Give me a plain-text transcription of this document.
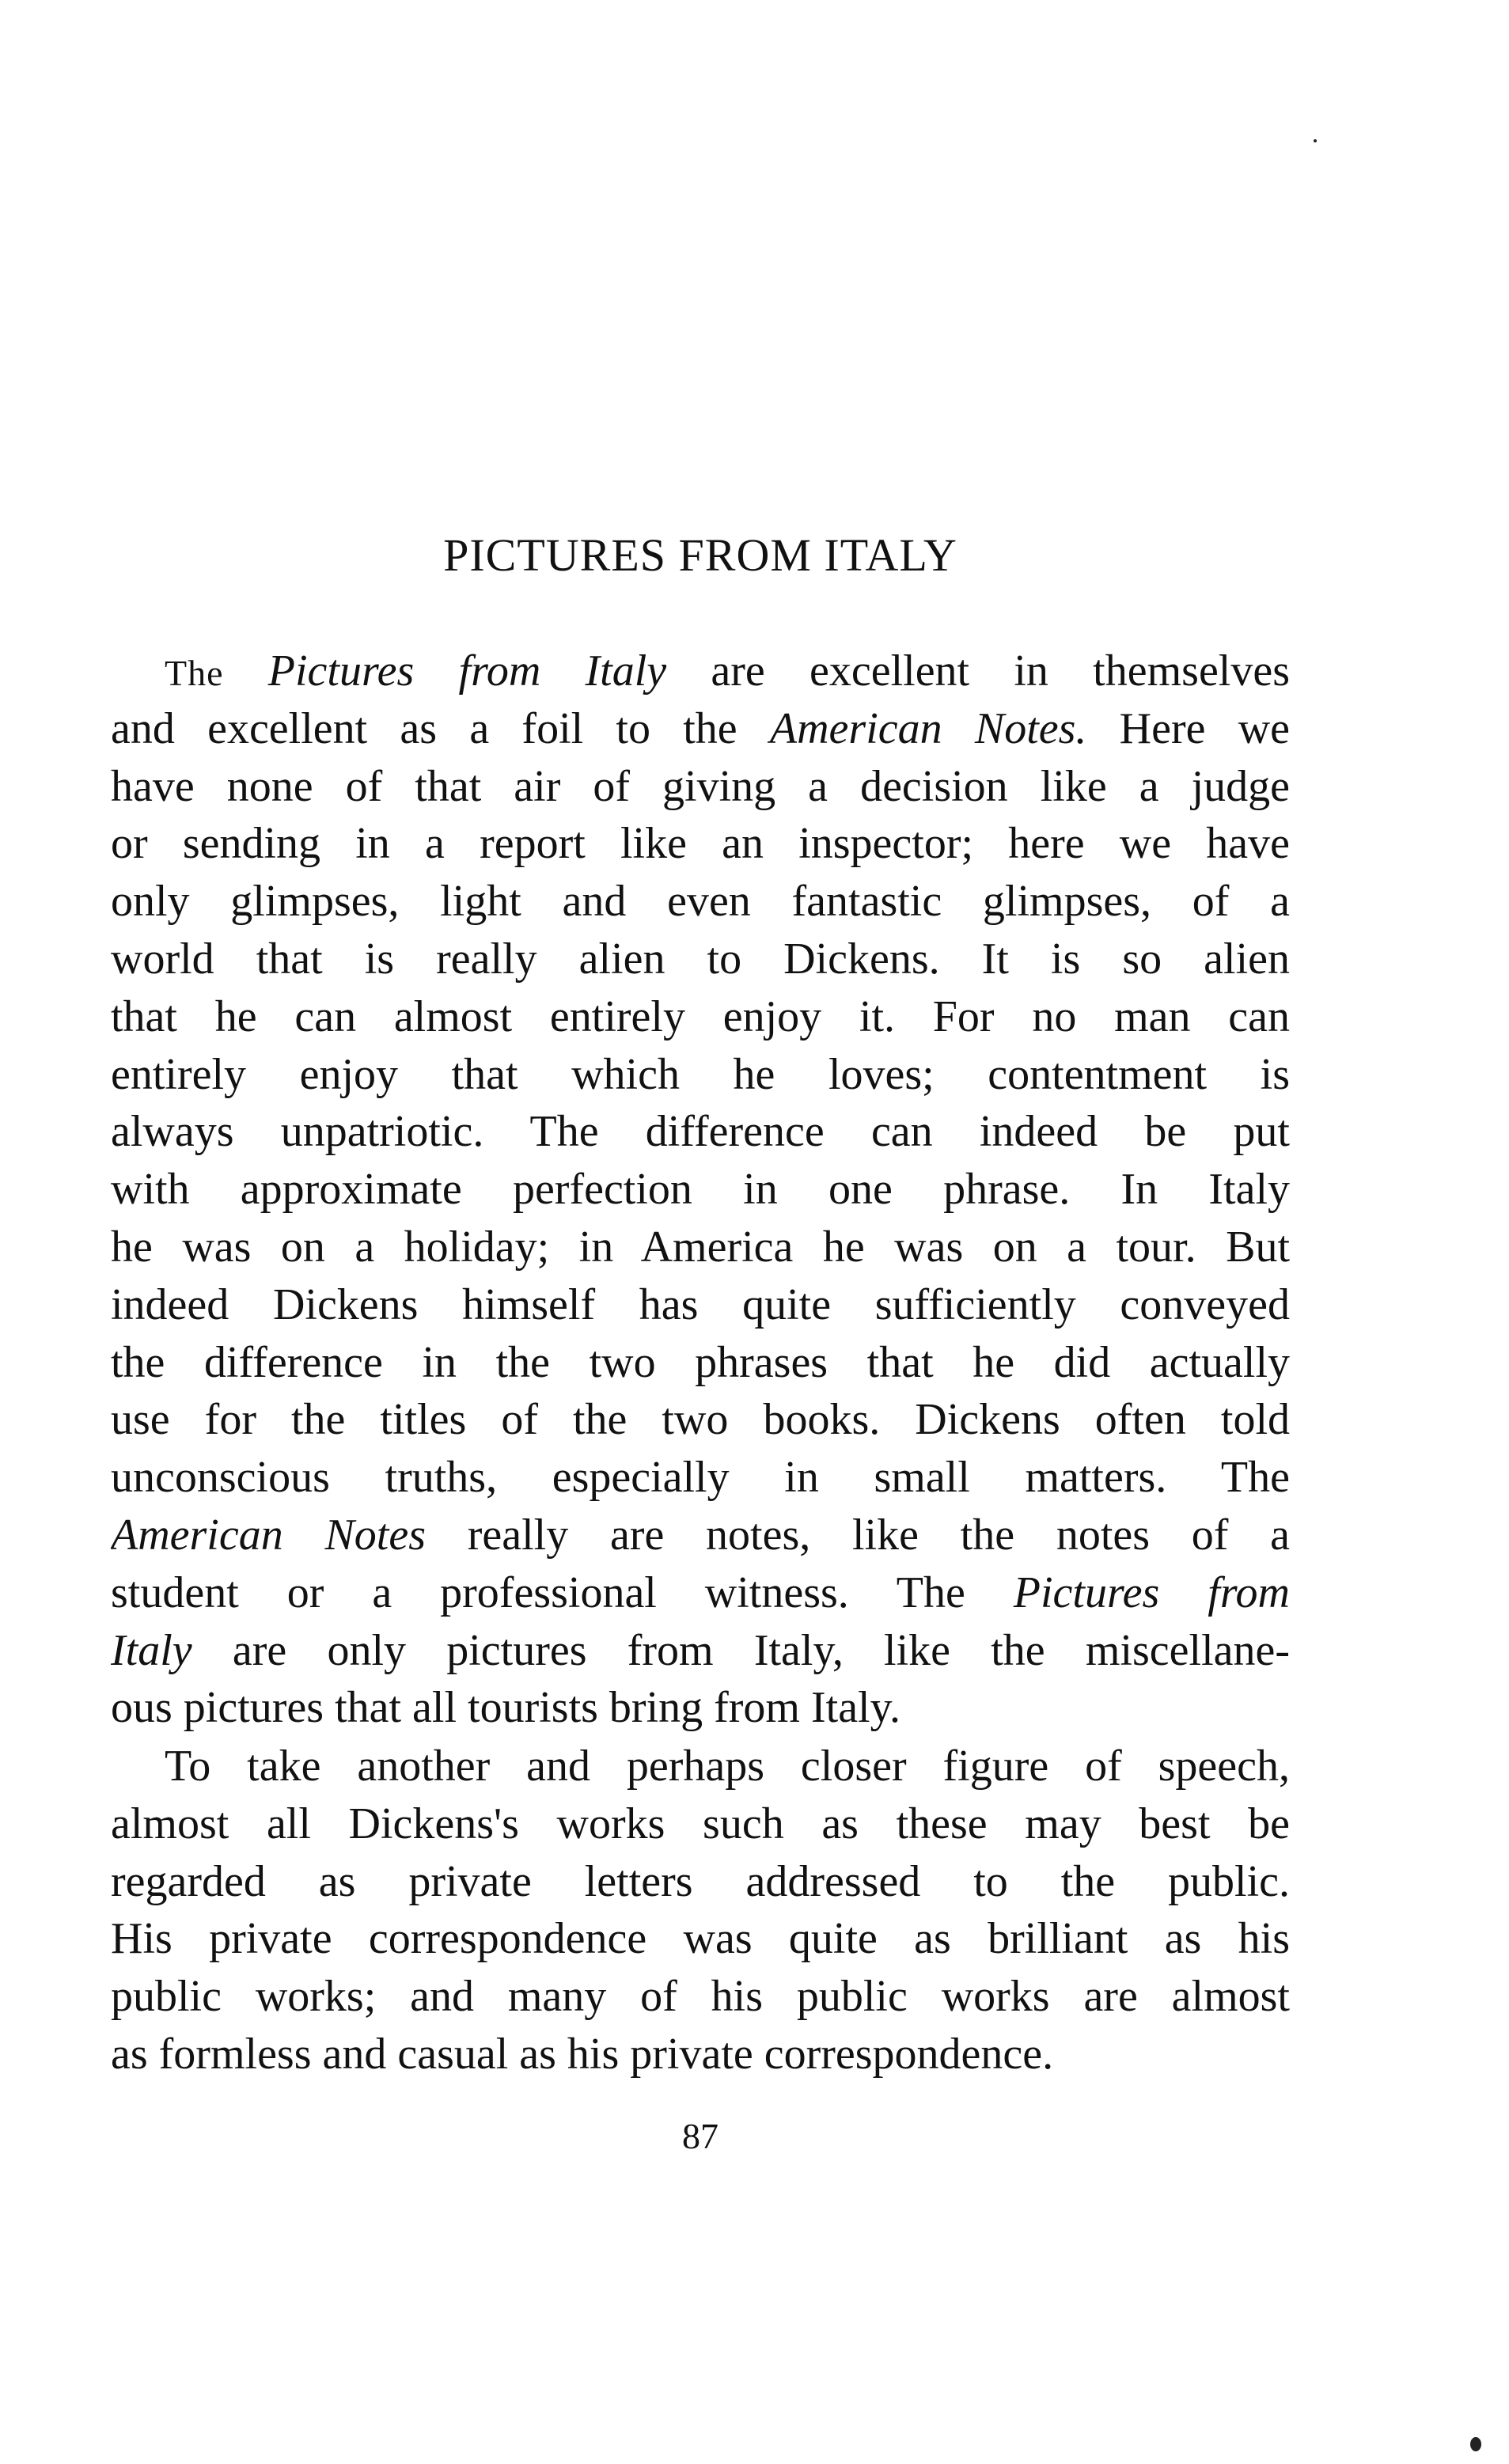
PICTURES FROM ITALY
The Pictures from Italy are excellent in themselves
and excellent as a foil to the American Notes. Here we
have none of that air of giving a decision like a judge
or sending in a report like an inspector; here we have
only glimpses, light and even fantastic glimpses, of a
world that is really alien to Dickens. It is so alien
that he can almost entirely enjoy it. For no man can
entirely enjoy that which he loves; contentment is
always unpatriotic. The difference can indeed be put
with approximate perfection in one phrase. In Italy
he was on a holiday; in America he was on a tour. But
indeed Dickens himself has quite sufficiently conveyed
the difference in the two phrases that he did actually
use for the titles of the two books. Dickens often told
unconscious truths, especially in small matters. The
American Notes really are notes, like the notes of a
student or a professional witness. The Pictures from
Italy are only pictures from Italy, like the miscellane-
ous pictures that all tourists bring from Italy.
To take another and perhaps closer figure of speech,
almost all Dickens's works such as these may best be
regarded as private letters addressed to the public.
His private correspondence was quite as brilliant as his
public works; and many of his public works are almost
as formless and casual as his private correspondence.
87
